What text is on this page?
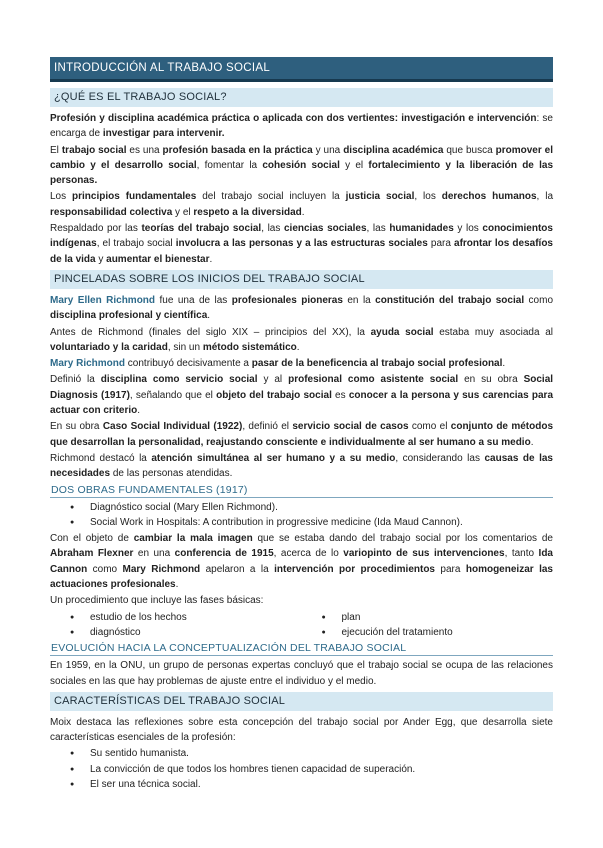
INTRODUCCIÓN AL TRABAJO SOCIAL
¿QUÉ ES EL TRABAJO SOCIAL?

Profesión y disciplina académica práctica o aplicada con dos vertientes: investigación e intervención: se encarga de investigar para intervenir.

El trabajo social es una profesión basada en la práctica y una disciplina académica que busca promover el cambio y el desarrollo social, fomentar la cohesión social y el fortalecimiento y la liberación de las personas.

Los principios fundamentales del trabajo social incluyen la justicia social, los derechos humanos, la responsabilidad colectiva y el respeto a la diversidad.

Respaldado por las teorías del trabajo social, las ciencias sociales, las humanidades y los conocimientos indígenas, el trabajo social involucra a las personas y a las estructuras sociales para afrontar los desafíos de la vida y aumentar el bienestar.

PINCELADAS SOBRE LOS INICIOS DEL TRABAJO SOCIAL

Mary Ellen Richmond fue una de las profesionales pioneras en la constitución del trabajo social como disciplina profesional y científica.

Antes de Richmond (finales del siglo XIX – principios del XX), la ayuda social estaba muy asociada al voluntariado y la caridad, sin un método sistemático.

Mary Richmond contribuyó decisivamente a pasar de la beneficencia al trabajo social profesional.

Definió la disciplina como servicio social y al profesional como asistente social en su obra Social Diagnosis (1917), señalando que el objeto del trabajo social es conocer a la persona y sus carencias para actuar con criterio.

En su obra Caso Social Individual (1922), definió el servicio social de casos como el conjunto de métodos que desarrollan la personalidad, reajustando consciente e individualmente al ser humano a su medio.

Richmond destacó la atención simultánea al ser humano y a su medio, considerando las causas de las necesidades de las personas atendidas.

DOS OBRAS FUNDAMENTALES (1917)
● Diagnóstico social (Mary Ellen Richmond).
● Social Work in Hospitals: A contribution in progressive medicine (Ida Maud Cannon).

Con el objeto de cambiar la mala imagen que se estaba dando del trabajo social por los comentarios de Abraham Flexner en una conferencia de 1915, acerca de lo variopinto de sus intervenciones, tanto Ida Cannon como Mary Richmond apelaron a la intervención por procedimientos para homogeneizar las actuaciones profesionales.

Un procedimiento que incluye las fases básicas:

● estudio de los hechos
● diagnóstico
● plan
● ejecución del tratamiento
EVOLUCIÓN HACIA LA CONCEPTUALIZACIÓN DEL TRABAJO SOCIAL

En 1959, en la ONU, un grupo de personas expertas concluyó que el trabajo social se ocupa de las relaciones sociales en las que hay problemas de ajuste entre el individuo y el medio.

CARACTERÍSTICAS DEL TRABAJO SOCIAL

Moix destaca las reflexiones sobre esta concepción del trabajo social por Ander Egg, que desarrolla siete características esenciales de la profesión:

● Su sentido humanista.
● La convicción de que todos los hombres tienen capacidad de superación.
● El ser una técnica social.
